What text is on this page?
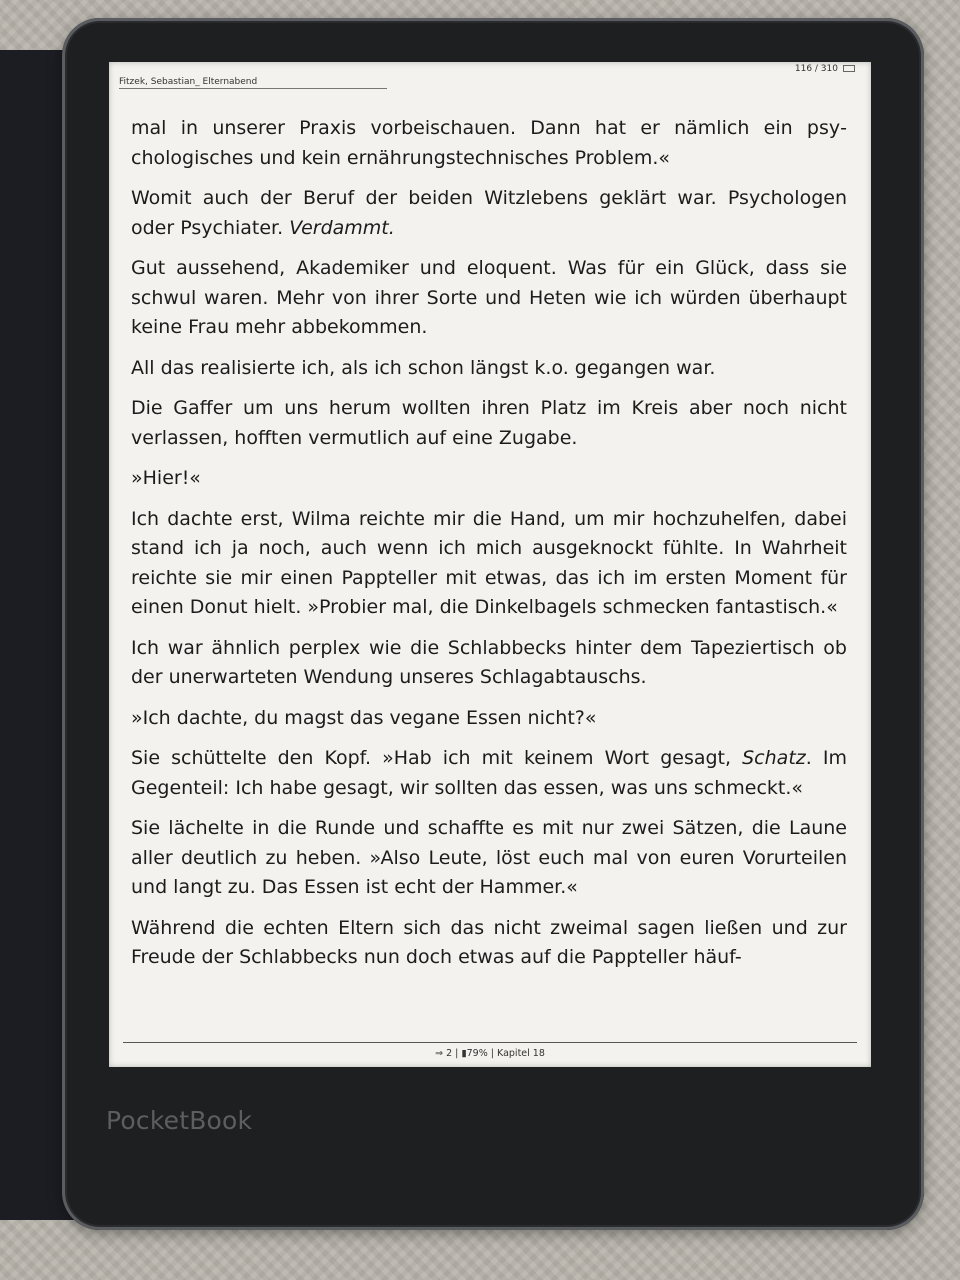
Fitzek, Sebastian_ Elternabend
116 / 310

mal in unserer Praxis vorbeischauen. Dann hat er nämlich ein psychologisches und kein ernährungstechnisches Problem.«

Womit auch der Beruf der beiden Witzlebens geklärt war. Psychologen oder Psychiater. Verdammt.

Gut aussehend, Akademiker und eloquent. Was für ein Glück, dass sie schwul waren. Mehr von ihrer Sorte und Heten wie ich würden überhaupt keine Frau mehr abbekommen.

All das realisierte ich, als ich schon längst k.o. gegangen war.

Die Gaffer um uns herum wollten ihren Platz im Kreis aber noch nicht verlassen, hofften vermutlich auf eine Zugabe.

»Hier!«

Ich dachte erst, Wilma reichte mir die Hand, um mir hochzuhelfen, dabei stand ich ja noch, auch wenn ich mich ausgeknockt fühlte. In Wahrheit reichte sie mir einen Pappteller mit etwas, das ich im ersten Moment für einen Donut hielt. »Probier mal, die Dinkelbagels schmecken fantastisch.«

Ich war ähnlich perplex wie die Schlabbecks hinter dem Tapeziertisch ob der unerwarteten Wendung unseres Schlagabtauschs.

»Ich dachte, du magst das vegane Essen nicht?«

Sie schüttelte den Kopf. »Hab ich mit keinem Wort gesagt, Schatz. Im Gegenteil: Ich habe gesagt, wir sollten das essen, was uns schmeckt.«

Sie lächelte in die Runde und schaffte es mit nur zwei Sätzen, die Laune aller deutlich zu heben. »Also Leute, löst euch mal von euren Vorurteilen und langt zu. Das Essen ist echt der Hammer.«

Während die echten Eltern sich das nicht zweimal sagen ließen und zur Freude der Schlabbecks nun doch etwas auf die Pappteller häuf-

⇒ 2 | ▮79% | Kapitel 18
PocketBook
